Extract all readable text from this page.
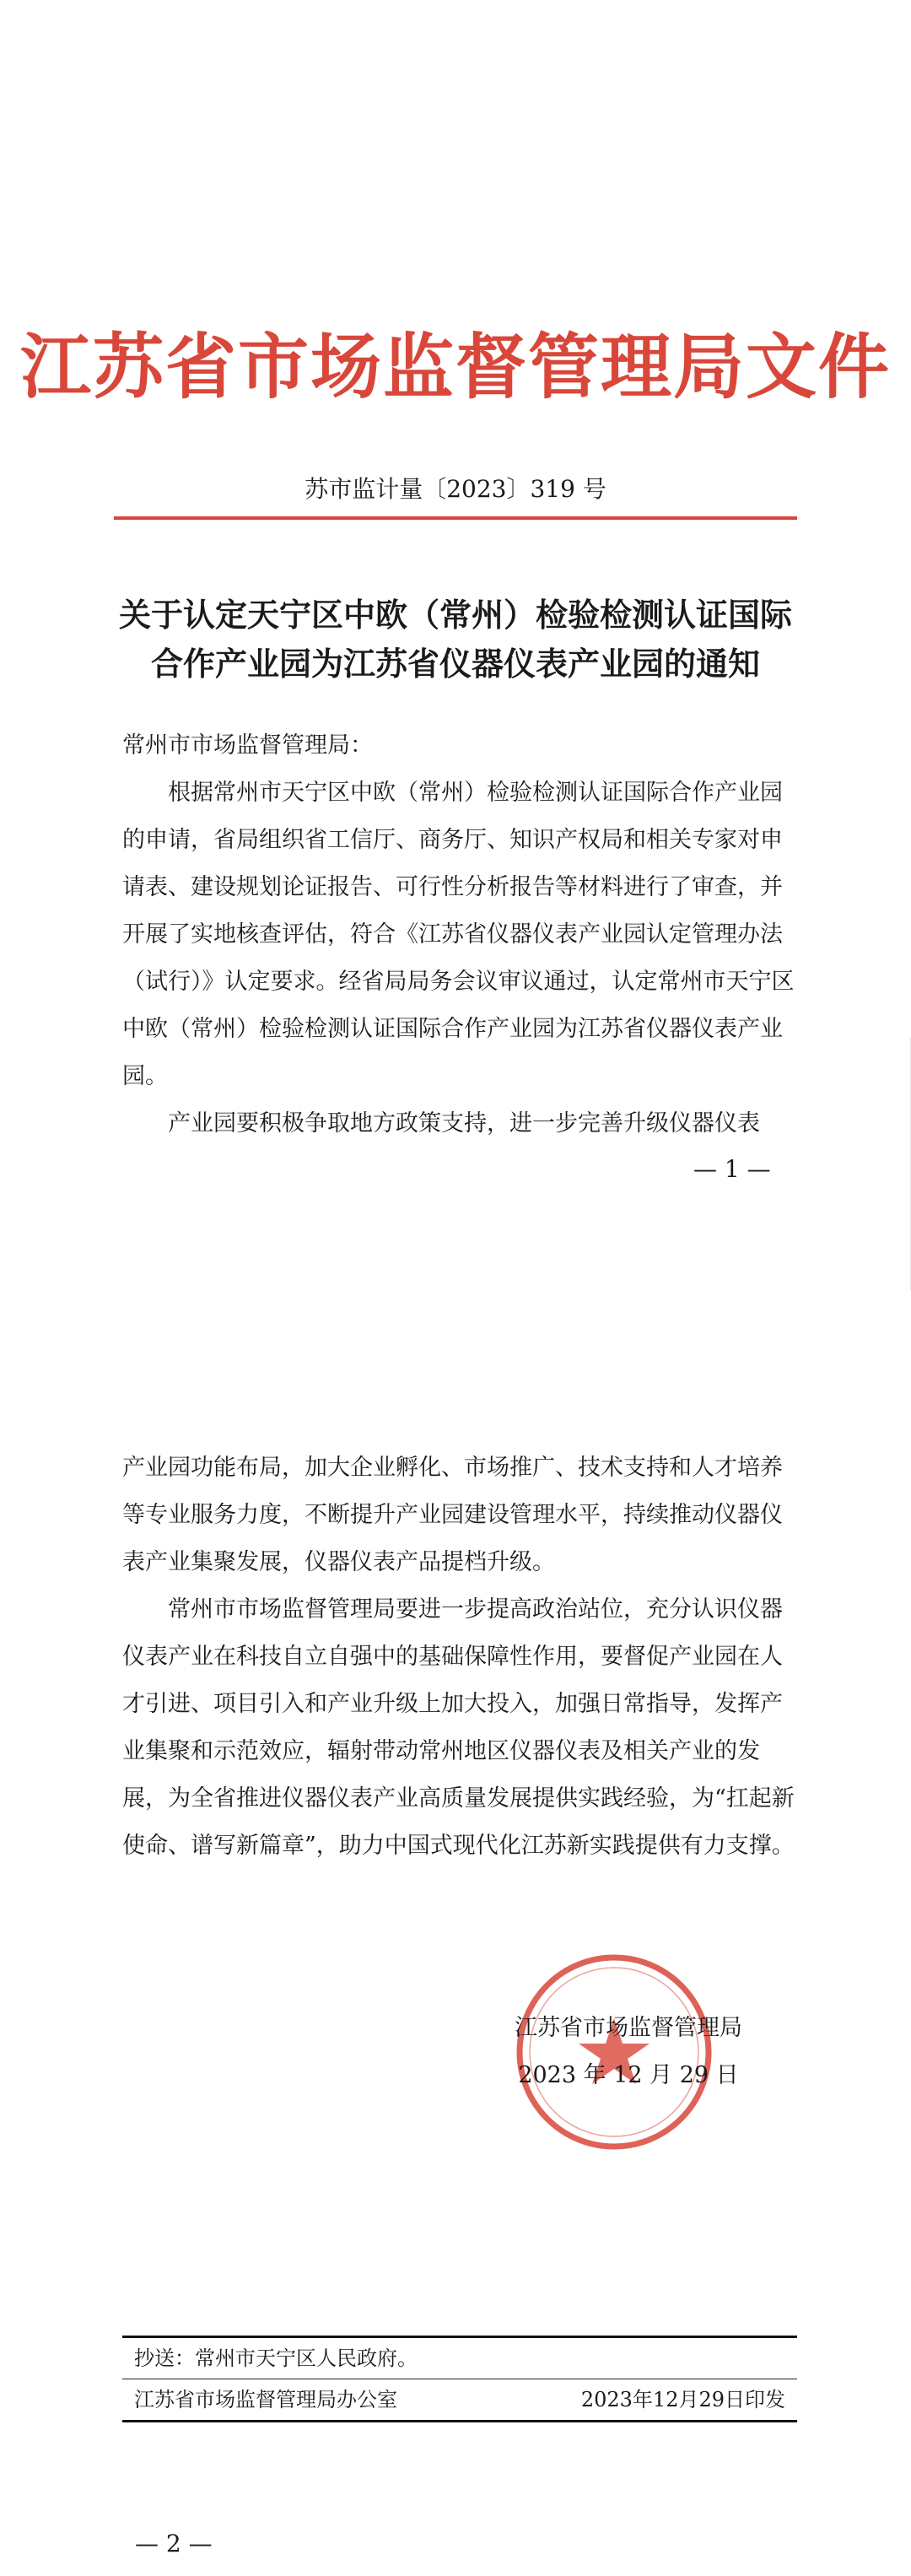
江苏省市场监督管理局文件
苏市监计量〔2023〕319 号
关于认定天宁区中欧（常州）检验检测认证国际
合作产业园为江苏省仪器仪表产业园的通知

常州市市场监督管理局：

根据常州市天宁区中欧（常州）检验检测认证国际合作产业园的申请，省局组织省工信厅、商务厅、知识产权局和相关专家对申请表、建设规划论证报告、可行性分析报告等材料进行了审查，并开展了实地核查评估，符合《江苏省仪器仪表产业园认定管理办法（试行）》认定要求。经省局局务会议审议通过，认定常州市天宁区中欧（常州）检验检测认证国际合作产业园为江苏省仪器仪表产业园。

产业园要积极争取地方政策支持，进一步完善升级仪器仪表

— 1 —

产业园功能布局，加大企业孵化、市场推广、技术支持和人才培养等专业服务力度，不断提升产业园建设管理水平，持续推动仪器仪表产业集聚发展，仪器仪表产品提档升级。

常州市市场监督管理局要进一步提高政治站位，充分认识仪器仪表产业在科技自立自强中的基础保障性作用，要督促产业园在人才引进、项目引入和产业升级上加大投入，加强日常指导，发挥产业集聚和示范效应，辐射带动常州地区仪器仪表及相关产业的发展，为全省推进仪器仪表产业高质量发展提供实践经验，为“扛起新使命、谱写新篇章”，助力中国式现代化江苏新实践提供有力支撑。

江苏省市场监督管理局
2023 年 12 月 29 日
抄送：常州市天宁区人民政府。
江苏省市场监督管理局办公室	2023年12月29日印发
— 2 —
